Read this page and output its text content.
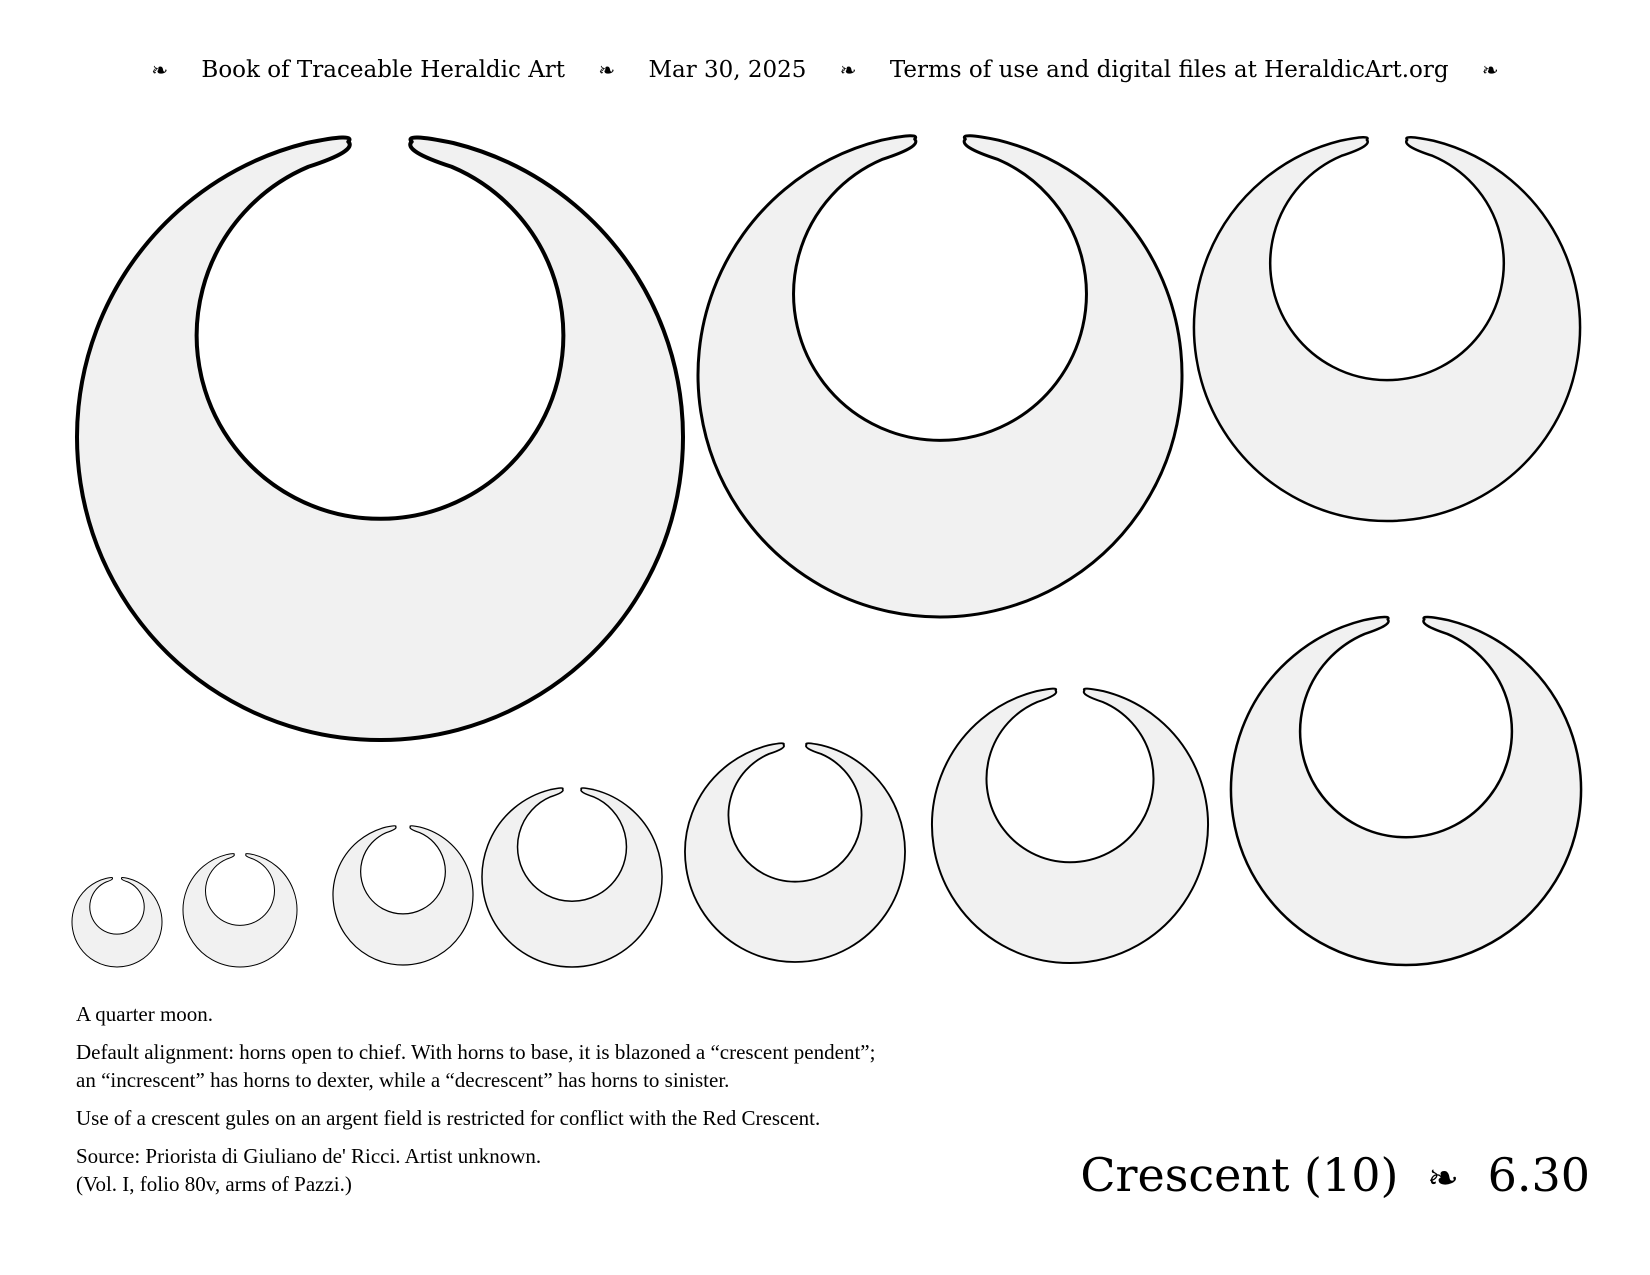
❧ Book of Traceable Heraldic Art ❧ Mar 30, 2025 ❧ Terms of use and digital files at HeraldicArt.org ❧

A quarter moon.

Default alignment: horns open to chief. With horns to base, it is blazoned a “crescent pendent”;
an “increscent” has horns to dexter, while a “decrescent” has horns to sinister.

Use of a crescent gules on an argent field is restricted for conflict with the Red Crescent.

Source: Priorista di Giuliano de' Ricci. Artist unknown.
(Vol. I, folio 80v, arms of Pazzi.)	Crescent (10) ❧ 6.30
